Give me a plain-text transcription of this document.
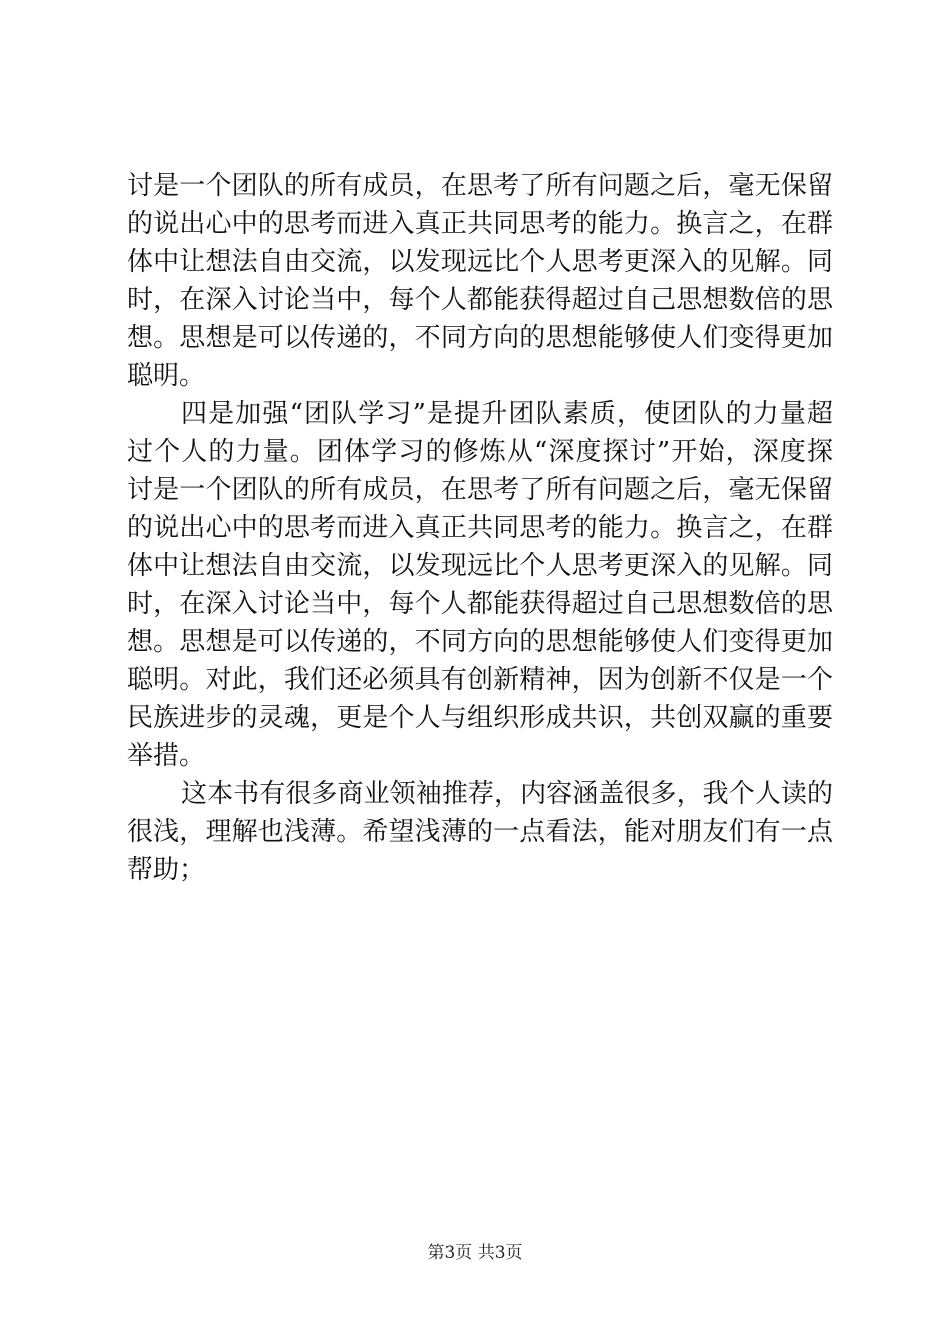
讨是一个团队的所有成员，在思考了所有问题之后，毫无保留
的说出心中的思考而进入真正共同思考的能力。换言之，在群
体中让想法自由交流，以发现远比个人思考更深入的见解。同
时，在深入讨论当中，每个人都能获得超过自己思想数倍的思
想。思想是可以传递的，不同方向的思想能够使人们变得更加
聪明。
四是加强“团队学习”是提升团队素质，使团队的力量超
过个人的力量。团体学习的修炼从“深度探讨”开始，深度探
讨是一个团队的所有成员，在思考了所有问题之后，毫无保留
的说出心中的思考而进入真正共同思考的能力。换言之，在群
体中让想法自由交流，以发现远比个人思考更深入的见解。同
时，在深入讨论当中，每个人都能获得超过自己思想数倍的思
想。思想是可以传递的，不同方向的思想能够使人们变得更加
聪明。对此，我们还必须具有创新精神，因为创新不仅是一个
民族进步的灵魂，更是个人与组织形成共识，共创双赢的重要
举措。
这本书有很多商业领袖推荐，内容涵盖很多，我个人读的
很浅，理解也浅薄。希望浅薄的一点看法，能对朋友们有一点
帮助；
第3页 共3页
